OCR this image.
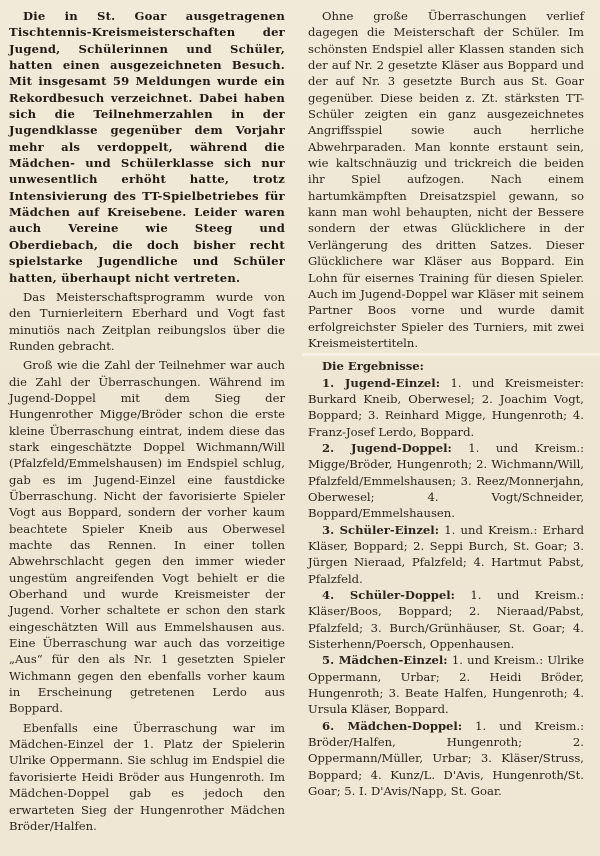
Die in St. Goar ausgetragenen Tischtennis-Kreismeisterschaften der Jugend, Schülerinnen und Schüler, hatten einen ausgezeichneten Besuch. Mit insgesamt 59 Meldungen wurde ein Rekordbesuch verzeichnet. Dabei haben sich die Teilnehmerzahlen in der Jugendklasse gegenüber dem Vorjahr mehr als verdoppelt, während die Mädchen- und Schülerklasse sich nur unwesentlich erhöht hatte, trotz Intensivierung des TT-Spielbetriebes für Mädchen auf Kreisebene. Leider waren auch Vereine wie Steeg und Oberdiebach, die doch bisher recht spielstarke Jugendliche und Schüler hatten, überhaupt nicht vertreten.

Das Meisterschaftsprogramm wurde von den Turnierleitern Eberhard und Vogt fast minutiös nach Zeitplan reibungslos über die Runden gebracht.

Groß wie die Zahl der Teilnehmer war auch die Zahl der Überraschungen. Während im Jugend-Doppel mit dem Sieg der Hungenrother Migge/Bröder schon die erste kleine Überraschung eintrat, indem diese das stark eingeschätzte Doppel Wichmann/Will (Pfalzfeld/Emmelshausen) im Endspiel schlug, gab es im Jugend-Einzel eine faustdicke Überraschung. Nicht der favorisierte Spieler Vogt aus Boppard, sondern der vorher kaum beachtete Spieler Kneib aus Oberwesel machte das Rennen. In einer tollen Abwehrschlacht gegen den immer wieder ungestüm angreifenden Vogt behielt er die Oberhand und wurde Kreismeister der Jugend. Vorher schaltete er schon den stark eingeschätzten Will aus Emmelshausen aus. Eine Überraschung war auch das vorzeitige „Aus“ für den als Nr. 1 gesetzten Spieler Wichmann gegen den ebenfalls vorher kaum in Erscheinung getretenen Lerdo aus Boppard.

Ebenfalls eine Überraschung war im Mädchen-Einzel der 1. Platz der Spielerin Ulrike Oppermann. Sie schlug im Endspiel die favorisierte Heidi Bröder aus Hungenroth. Im Mädchen-Doppel gab es jedoch den erwarteten Sieg der Hungenrother Mädchen Bröder/Halfen.

Ohne große Überraschungen verlief dagegen die Meisterschaft der Schüler. Im schönsten Endspiel aller Klassen standen sich der auf Nr. 2 gesetzte Kläser aus Boppard und der auf Nr. 3 gesetzte Burch aus St. Goar gegenüber. Diese beiden z. Zt. stärksten TT-Schüler zeigten ein ganz ausgezeichnetes Angriffsspiel sowie auch herrliche Abwehrparaden. Man konnte erstaunt sein, wie kaltschnäuzig und trickreich die beiden ihr Spiel aufzogen. Nach einem hartumkämpften Dreisatzspiel gewann, so kann man wohl behaupten, nicht der Bessere sondern der etwas Glücklichere in der Verlängerung des dritten Satzes. Dieser Glücklichere war Kläser aus Boppard. Ein Lohn für eisernes Training für diesen Spieler. Auch im Jugend-Doppel war Kläser mit seinem Partner Boos vorne und wurde damit erfolgreichster Spieler des Turniers, mit zwei Kreismeistertiteln.

Die Ergebnisse:
1. Jugend-Einzel: 1. und Kreismeister: Burkard Kneib, Oberwesel; 2. Joachim Vogt, Boppard; 3. Reinhard Migge, Hungenroth; 4. Franz-Josef Lerdo, Boppard.
2. Jugend-Doppel: 1. und Kreism.: Migge/Bröder, Hungenroth; 2. Wichmann/Will, Pfalzfeld/Emmelshausen; 3. Reez/Monnerjahn, Oberwesel; 4. Vogt/Schneider, Boppard/Emmelshausen.
3. Schüler-Einzel: 1. und Kreism.: Erhard Kläser, Boppard; 2. Seppi Burch, St. Goar; 3. Jürgen Nieraad, Pfalzfeld; 4. Hartmut Pabst, Pfalzfeld.
4. Schüler-Doppel: 1. und Kreism.: Kläser/Boos, Boppard; 2. Nieraad/Pabst, Pfalzfeld; 3. Burch/Grünhäuser, St. Goar; 4. Sisterhenn/Poersch, Oppenhausen.
5. Mädchen-Einzel: 1. und Kreism.: Ulrike Oppermann, Urbar; 2. Heidi Bröder, Hungenroth; 3. Beate Halfen, Hungenroth; 4. Ursula Kläser, Boppard.
6. Mädchen-Doppel: 1. und Kreism.: Bröder/Halfen, Hungenroth; 2. Oppermann/Müller, Urbar; 3. Kläser/Struss, Boppard; 4. Kunz/L. D'Avis, Hungenroth/St. Goar; 5. I. D'Avis/Napp, St. Goar.
